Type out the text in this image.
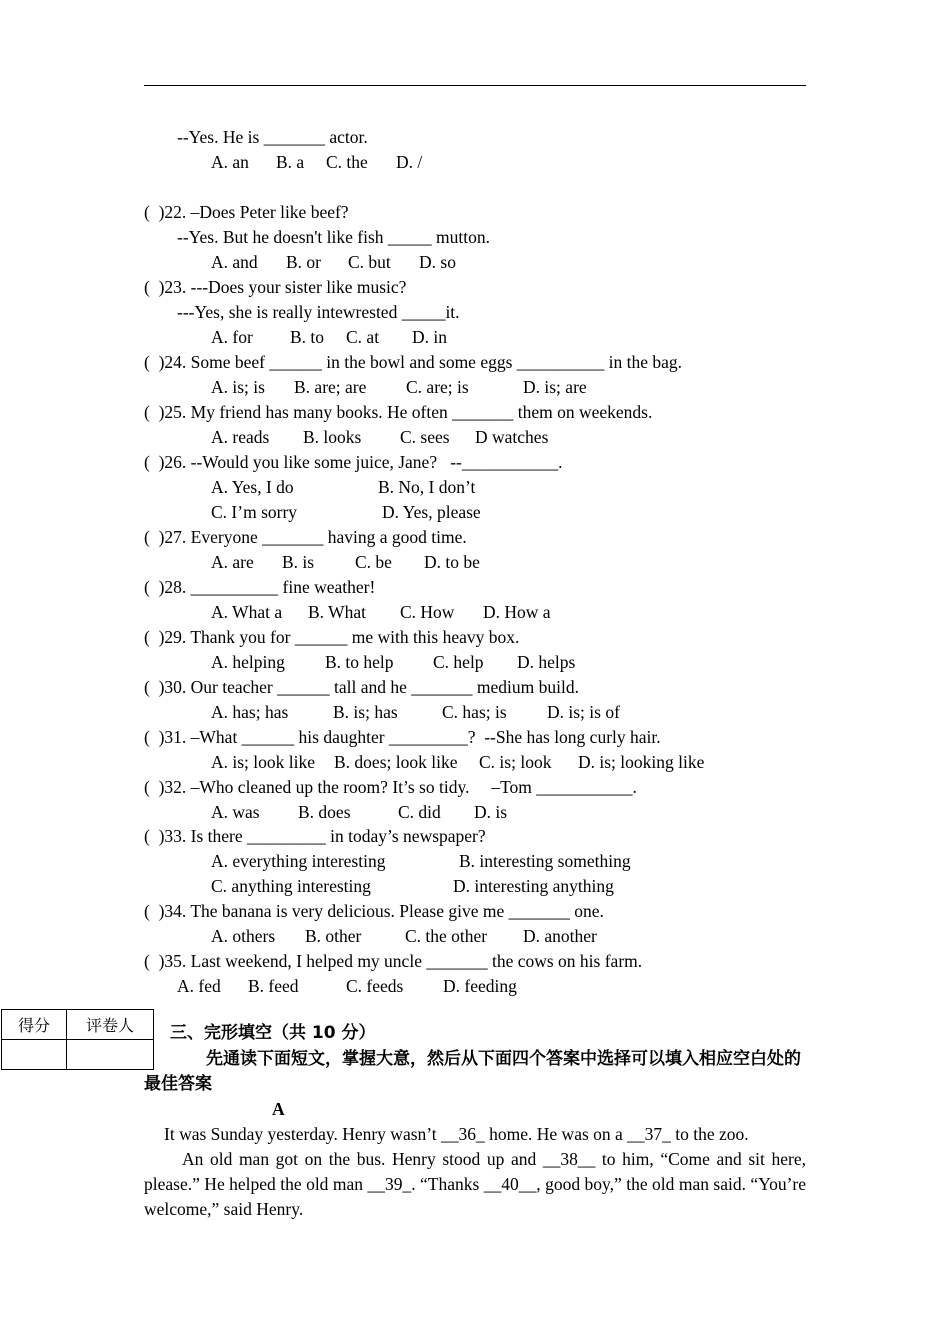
--Yes. He is _______ actor.
A. an B. a C. the D. /
(  )22. –Does Peter like beef?
--Yes. But he doesn't like fish _____ mutton.
A. and B. or C. but D. so
(  )23. ---Does your sister like music?
---Yes, she is really intewrested _____it.
A. for B. to C. at D. in
(  )24. Some beef ______ in the bowl and some eggs __________ in the bag.
A. is; is B. are; are C. are; is	D. is; are
(  )25. My friend has many books. He often _______ them on weekends.
A. reads B. looks C. sees D watches
(  )26. --Would you like some juice, Jane?   --___________.
A. Yes, I do	B. No, I don’t
C. I’m sorry	D. Yes, please
(  )27. Everyone _______ having a good time.
A. are B. is C. be D. to be
(  )28. __________ fine weather!
A. What a B. What C. How D. How a
(  )29. Thank you for ______ me with this heavy box.
A. helping B. to help C. help D. helps
(  )30. Our teacher ______ tall and he _______ medium build.
A. has; has	B. is; has	C. has; is D. is; is of
(  )31. –What ______ his daughter _________?  --She has long curly hair.
A. is; look like B. does; look like C. is; look D. is; looking like
(  )32. –Who cleaned up the room? It’s so tidy.     –Tom ___________.
A. was B. does	C. did D. is
(  )33. Is there _________ in today’s newspaper?
A. everything interesting	B. interesting something
C. anything interesting	D. interesting anything
(  )34. The banana is very delicious. Please give me _______ one.
A. others B. other C. the other D. another
(  )35. Last weekend, I helped my uncle _______ the cows on his farm.
A. fed B. feed	C. feeds D. feeding
得分	评卷人
	三、完形填空（共 10 分）
先通读下面短文，掌握大意，然后从下面四个答案中选择可以填入相应空白处的最佳答案
A
It was Sunday yesterday. Henry wasn’t __36_ home. He was on a __37_ to the zoo.
An old man got on the bus. Henry stood up and __38__ to him, “Come and sit here, please.” He helped the old man __39_. “Thanks __40__, good boy,” the old man said. “You’re welcome,” said Henry.
